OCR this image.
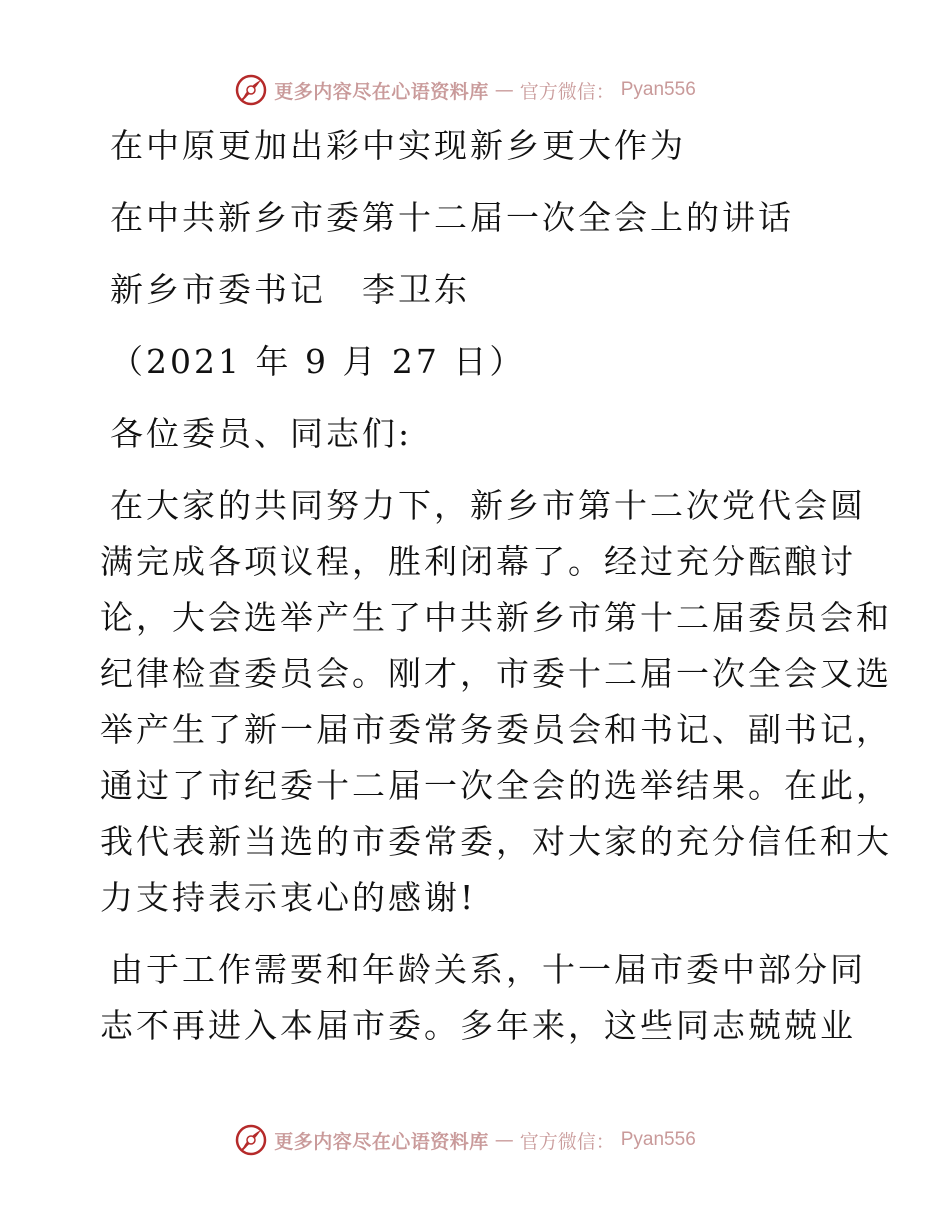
更多内容尽在心语资料库 — 官方微信： Pyan556

在中原更加出彩中实现新乡更大作为

在中共新乡市委第十二届一次全会上的讲话

新乡市委书记　李卫东

（2021 年 9 月 27 日）

各位委员、同志们:

在大家的共同努力下，新乡市第十二次党代会圆
满完成各项议程，胜利闭幕了。经过充分酝酿讨
论，大会选举产生了中共新乡市第十二届委员会和
纪律检查委员会。刚才，市委十二届一次全会又选
举产生了新一届市委常务委员会和书记、副书记，
通过了市纪委十二届一次全会的选举结果。在此，
我代表新当选的市委常委，对大家的充分信任和大
力支持表示衷心的感谢!
由于工作需要和年龄关系，十一届市委中部分同
志不再进入本届市委。多年来，这些同志兢兢业
更多内容尽在心语资料库 — 官方微信： Pyan556
